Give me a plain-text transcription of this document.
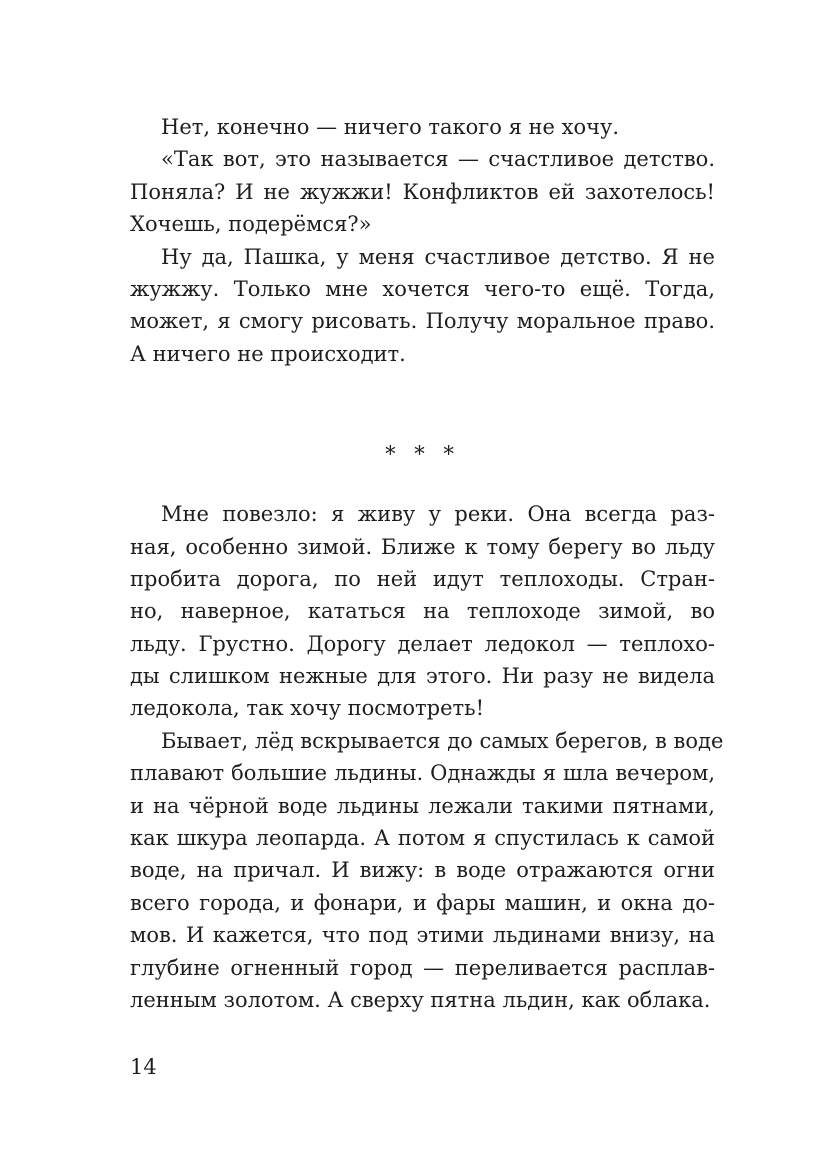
Нет, конечно — ничего такого я не хочу.
«Так вот, это называется — счастливое детство.
Поняла? И не жужжи! Конфликтов ей захотелось!
Хочешь, подерёмся?»
Ну да, Пашка, у меня счастливое детство. Я не
жужжу. Только мне хочется чего-то ещё. Тогда,
может, я смогу рисовать. Получу моральное право.
А ничего не происходит.
* * *
Мне повезло: я живу у реки. Она всегда раз-
ная, особенно зимой. Ближе к тому берегу во льду
пробита дорога, по ней идут теплоходы. Стран-
но, наверное, кататься на теплоходе зимой, во
льду. Грустно. Дорогу делает ледокол — теплохо-
ды слишком нежные для этого. Ни разу не видела
ледокола, так хочу посмотреть!
Бывает, лёд вскрывается до самых берегов, в воде
плавают большие льдины. Однажды я шла вечером,
и на чёрной воде льдины лежали такими пятнами,
как шкура леопарда. А потом я спустилась к самой
воде, на причал. И вижу: в воде отражаются огни
всего города, и фонари, и фары машин, и окна до-
мов. И кажется, что под этими льдинами внизу, на
глубине огненный город — переливается расплав-
ленным золотом. А сверху пятна льдин, как облака.
14
